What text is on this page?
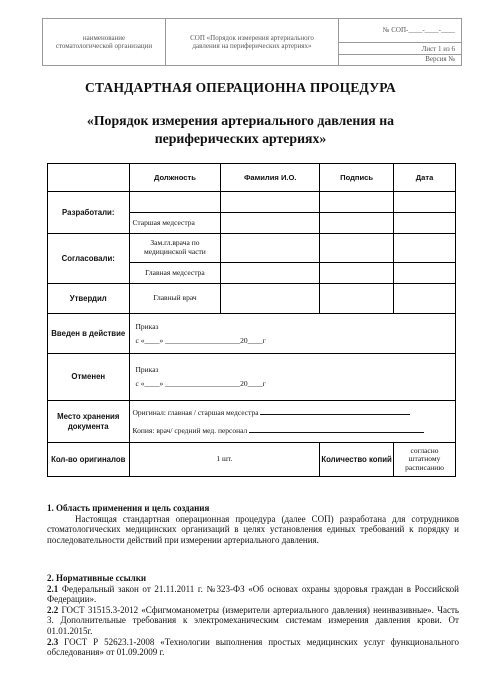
наименование
стоматологической организации

СОП «Порядок измерения артериального
давления на периферических артериях»

№ СОП-____-____-____

Лист 1 из 6
Версия №
СТАНДАРТНАЯ ОПЕРАЦИОННА ПРОЦЕДУРА
«Порядок измерения артериального давления на
периферических артериях»
	Должность	Фамилия И.О.	Подпись	Дата
Разработали:				
	Старшая медсестра			
Согласовали:	Зам.гл.врача по медицинской части			
	Главная медсестра			
Утвердил	Главный врач			
Введен в действие	Приказ
с «____» ____________________20____г			

Отменен	Приказ
с «____» ____________________20____г			

Место хранения документа	Оригинал: главная / старшая медсестра
Копия: врач/ средний мед. персонал			

Кол-во оригиналов	1 шт.		Количество копий	согласно штатному расписанию
1. Область применения и цель создания
Настоящая стандартная операционная процедура (далее СОП) разработана для сотрудников стоматологических медицинских организаций в целях установления единых требований к порядку и последовательности действий при измерении артериального давления.
2. Нормативные ссылки
2.1 Федеральный закон от 21.11.2011 г. №323-ФЗ «Об основах охраны здоровья граждан в Российской Федерации».
2.2 ГОСТ 31515.3-2012 «Сфигмоманометры (измерители артериального давления) неинвазивные». Часть 3. Дополнительные требования к электромеханическим системам измерения давления крови. От 01.01.2015г.
2.3 ГОСТ Р 52623.1-2008 «Технологии выполнения простых медицинских услуг функционального обследования» от 01.09.2009 г.
